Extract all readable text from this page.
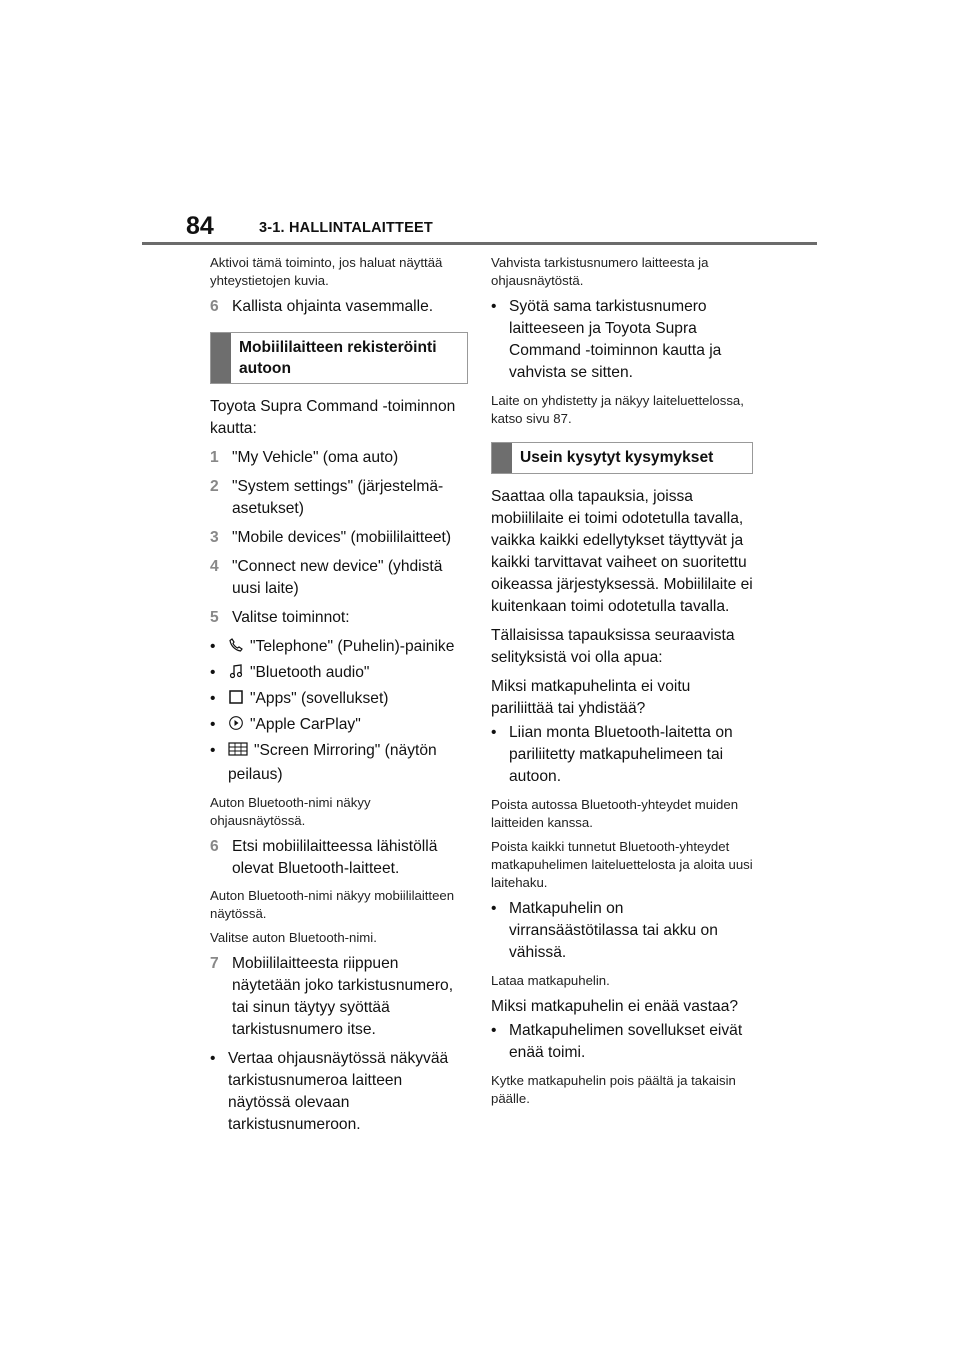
84	3-1. HALLINTALAITTEET

Aktivoi tämä toiminto, jos haluat näyttää yhteystietojen kuvia.

6 Kallista ohjainta vasemmalle.
Mobiililaitteen rekisteröinti autoon

Toyota Supra Command -toiminnon kautta:

1 "My Vehicle" (oma auto)
2 "System settings" (järjestelmä-asetukset)
3 "Mobile devices" (mobiililaitteet)
4 "Connect new device" (yhdistä uusi laite)
5 Valitse toiminnot:
•	"Telephone" (Puhelin)-painike
•	"Bluetooth audio"
•	"Apps" (sovellukset)
•	"Apple CarPlay"
•	"Screen Mirroring" (näytön peilaus)

Auton Bluetooth-nimi näkyy ohjausnäytössä.

6 Etsi mobiililaitteessa lähistöllä olevat Bluetooth-laitteet.

Auton Bluetooth-nimi näkyy mobiililaitteen näytössä.

Valitse auton Bluetooth-nimi.

7 Mobiililaitteesta riippuen näytetään joko tarkistusnumero, tai sinun täytyy syöttää tarkistusnumero itse.
• Vertaa ohjausnäytössä näkyvää tarkistusnumeroa laitteen näytössä olevaan tarkistusnumeroon.

Vahvista tarkistusnumero laitteesta ja ohjausnäytöstä.

• Syötä sama tarkistusnumero laitteeseen ja Toyota Supra Command -toiminnon kautta ja vahvista se sitten.

Laite on yhdistetty ja näkyy laiteluettelossa, katso sivu 87.

Usein kysytyt kysymykset

Saattaa olla tapauksia, joissa mobiililaite ei toimi odotetulla tavalla, vaikka kaikki edellytykset täyttyvät ja kaikki tarvittavat vaiheet on suoritettu oikeassa järjestyksessä. Mobiililaite ei kuitenkaan toimi odotetulla tavalla.

Tällaisissa tapauksissa seuraavista selityksistä voi olla apua:

Miksi matkapuhelinta ei voitu pariliittää tai yhdistää?

• Liian monta Bluetooth-laitetta on pariliitetty matkapuhelimeen tai autoon.

Poista autossa Bluetooth-yhteydet muiden laitteiden kanssa.

Poista kaikki tunnetut Bluetooth-yhteydet matkapuhelimen laiteluettelosta ja aloita uusi laitehaku.

• Matkapuhelin on virransäästötilassa tai akku on vähissä.

Lataa matkapuhelin.

Miksi matkapuhelin ei enää vastaa?

• Matkapuhelimen sovellukset eivät enää toimi.

Kytke matkapuhelin pois päältä ja takaisin päälle.
